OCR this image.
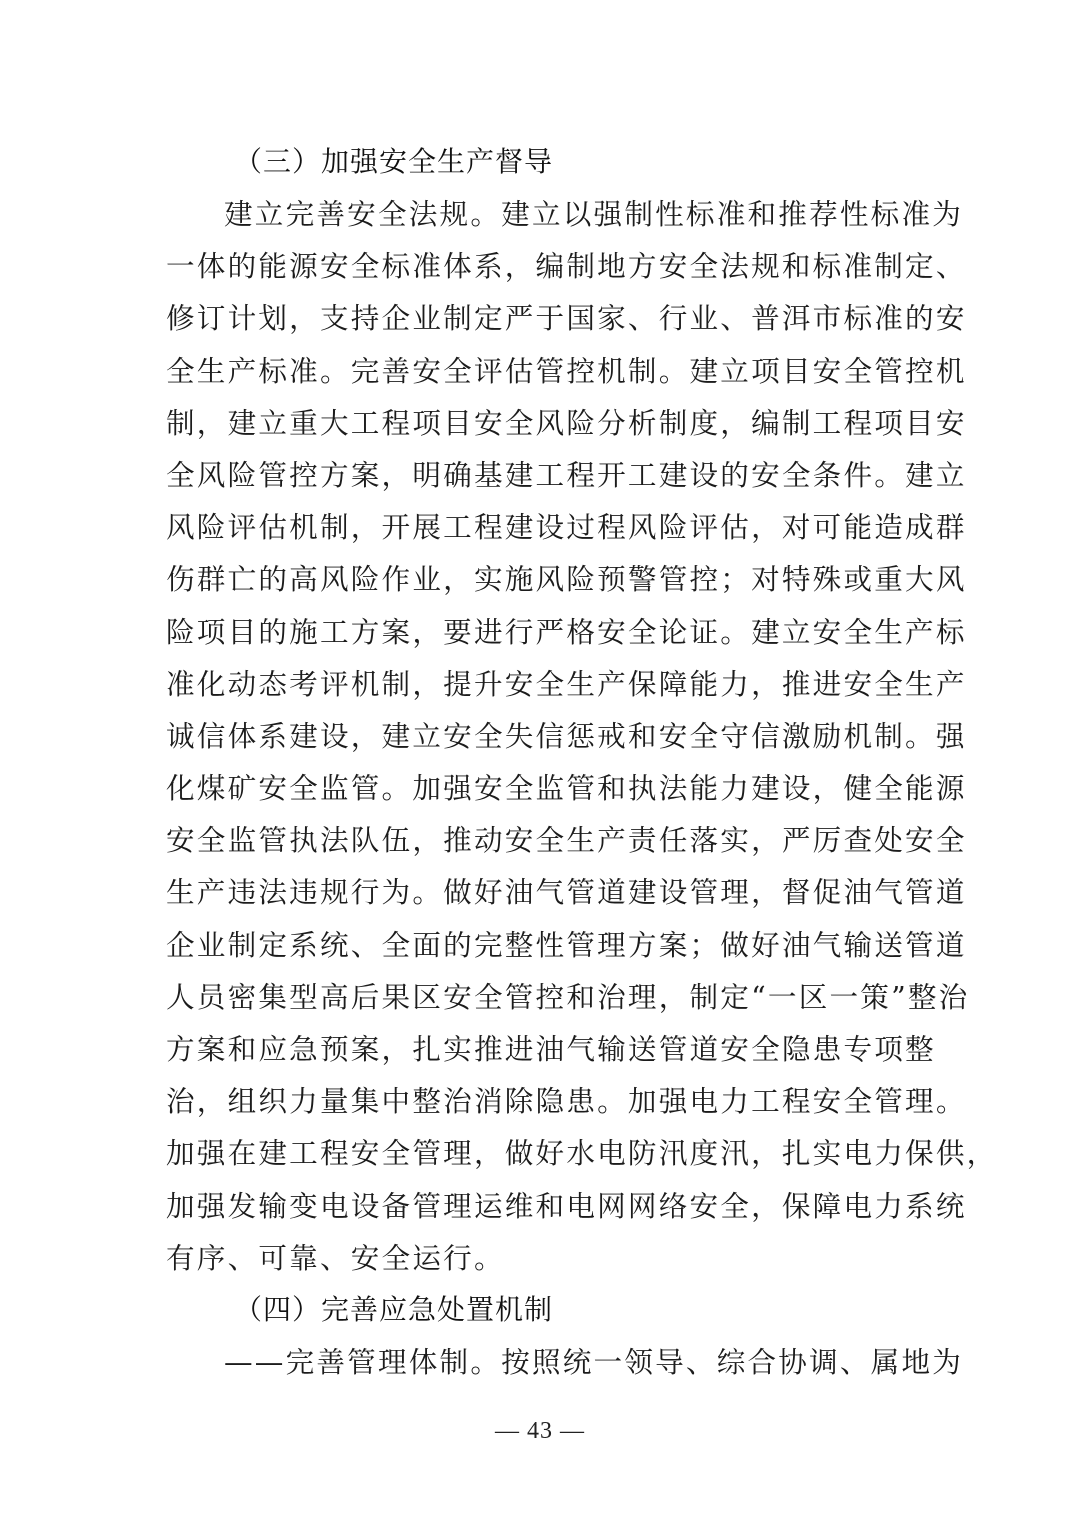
（三）加强安全生产督导
建立完善安全法规。建立以强制性标准和推荐性标准为
一体的能源安全标准体系，编制地方安全法规和标准制定、
修订计划，支持企业制定严于国家、行业、普洱市标准的安
全生产标准。完善安全评估管控机制。建立项目安全管控机
制，建立重大工程项目安全风险分析制度，编制工程项目安
全风险管控方案，明确基建工程开工建设的安全条件。建立
风险评估机制，开展工程建设过程风险评估，对可能造成群
伤群亡的高风险作业，实施风险预警管控；对特殊或重大风
险项目的施工方案，要进行严格安全论证。建立安全生产标
准化动态考评机制，提升安全生产保障能力，推进安全生产
诚信体系建设，建立安全失信惩戒和安全守信激励机制。强
化煤矿安全监管。加强安全监管和执法能力建设，健全能源
安全监管执法队伍，推动安全生产责任落实，严厉查处安全
生产违法违规行为。做好油气管道建设管理，督促油气管道
企业制定系统、全面的完整性管理方案；做好油气输送管道
人员密集型高后果区安全管控和治理，制定“一区一策”整治
方案和应急预案，扎实推进油气输送管道安全隐患专项整
治，组织力量集中整治消除隐患。加强电力工程安全管理。
加强在建工程安全管理，做好水电防汛度汛，扎实电力保供，
加强发输变电设备管理运维和电网网络安全，保障电力系统
有序、可靠、安全运行。
（四）完善应急处置机制
——完善管理体制。按照统一领导、综合协调、属地为
— 43 —
